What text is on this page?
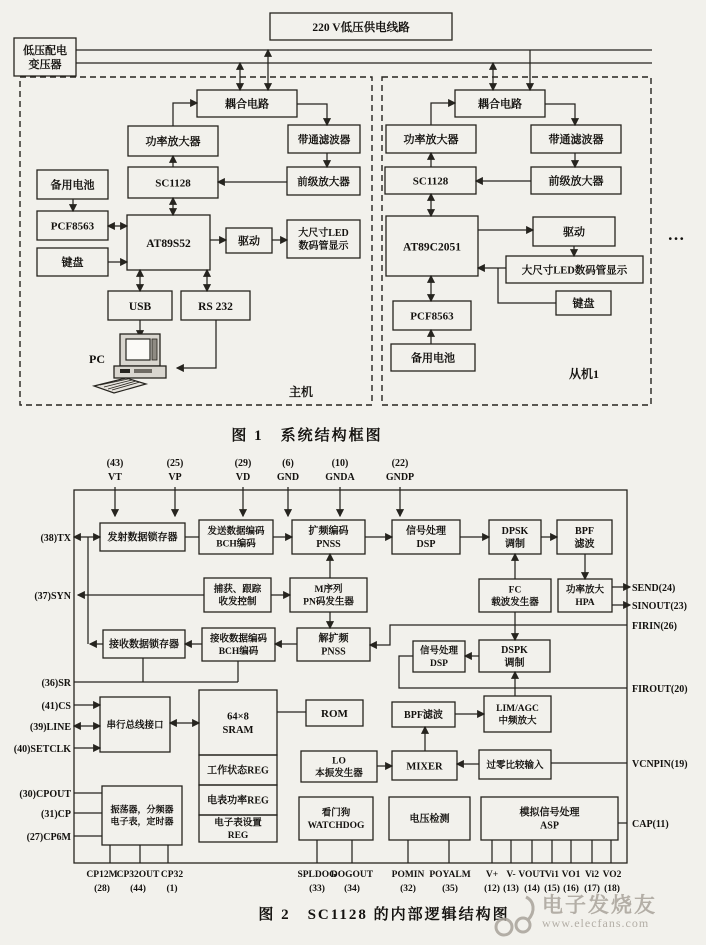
低压配电变压器
220 V低压供电线路
耦合电路
功率放大器	带通滤波器
SC1128	前级放大器
备用电池
PCF8563
AT89S52
键盘
驱动
大尺寸LED 数码管显示
USB	RS 232
耦合电路
功率放大器	带通滤波器
SC1128	前级放大器
AT89C2051
驱动
大尺寸LED数码管显示
键盘
PCF8563
备用电池
主机
从机1
PC
…
发射数据锁存器
发送数据编码 BCH编码
扩频编码 PNSS
信号处理 DSP
DPSK 调制
BPF 滤波
捕获、跟踪收发控制
M序列 PN码发生器
FC 载波发生器
功率放大 HPA
接收数据锁存器	接收数据编码 BCH编码
解扩频 PNSS	DSPK 调制
信号处理 DSP
串行总线接口
64×8 SRAM
工作状态REG
电表功率REG
电子表设置 REG
ROM
LO 本振发生器
MIXER	过零比较输入
BPF滤波
LIM/AGC 中频放大
振荡器，分频器电子表，定时器
看门狗 WATCHDOG
电压检测
模拟信号处理 ASP
(43)
VT
(25)
VP
(29)
VD
(6)
GND
(10)
GNDA
(22)
GNDP
(38)TX
(37)SYN
(36)SR
(41)CS
(39)LINE
(40)SETCLK
(30)CPOUT
(31)CP
(27)CP6M
SEND(24)
SINOUT(23)
FIRIN(26)
FIROUT(20)
VCNPIN(19)
CAP(11)
CP12M
(28)
CP32OUT
(44)
CP32
(1)
SPLDOG
(33)
DOGOUT
(34)
POMIN
(32)
POYALM
(35)
V+
(12)
V-
(13)
VOUT
(14)
Vi1
(15)
VO1
(16)
Vi2
(17)
VO2
(18)
图 1　系统结构框图
图 2　SC1128 的内部逻辑结构图 电子发烧友
www.elecfans.com
